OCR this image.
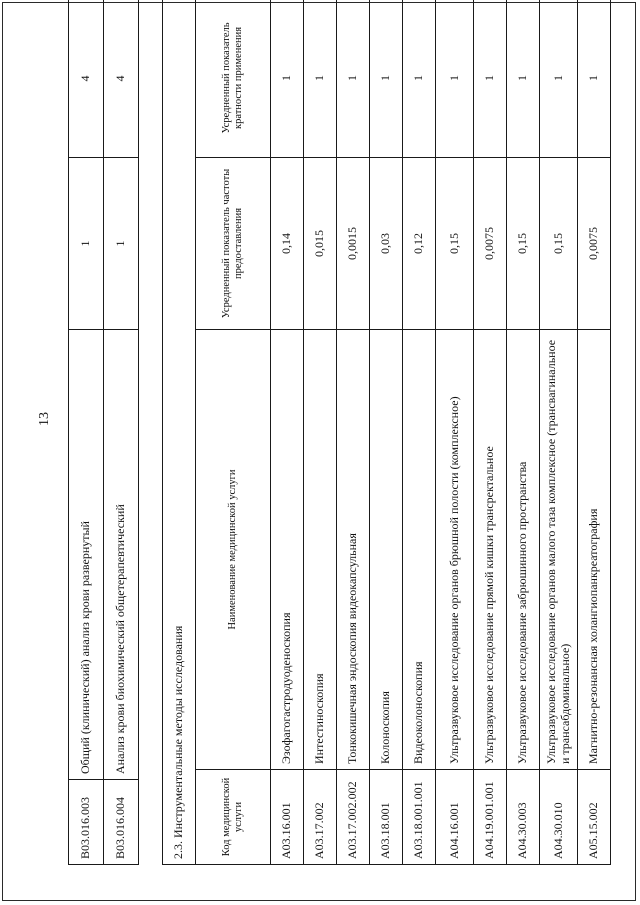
13
B03.016.003	Общий (клинический) анализ крови развернутый	1	4
B03.016.004	Анализ крови биохимический общетерапевтический	1	4
2.3. Инструментальные методы исследования			
Код медицинской услуги	Наименование медицинской услуги	Усредненный показатель частоты предоставления	Усредненный показатель кратности применения
A03.16.001	Эзофагогастродуоденоскопия	0,14	1
A03.17.002	Интестиноскопия	0,015	1
A03.17.002.002	Тонкокишечная эндоскопия видеокапсульная	0,0015	1
A03.18.001	Колоноскопия	0,03	1
A03.18.001.001	Видеоколоноскопия	0,12	1
A04.16.001	Ультразвуковое исследование органов брюшной полости (комплексное)	0,15	1
A04.19.001.001	Ультразвуковое исследование прямой кишки трансректальное	0,0075	1
A04.30.003	Ультразвуковое исследование забрюшинного пространства	0,15	1
A04.30.010	Ультразвуковое исследование органов малого таза комплексное (трансвагинальное и трансабдоминальное)	0,15	1
A05.15.002	Магнитно-резонансная холангиопанкреатография	0,0075	1
